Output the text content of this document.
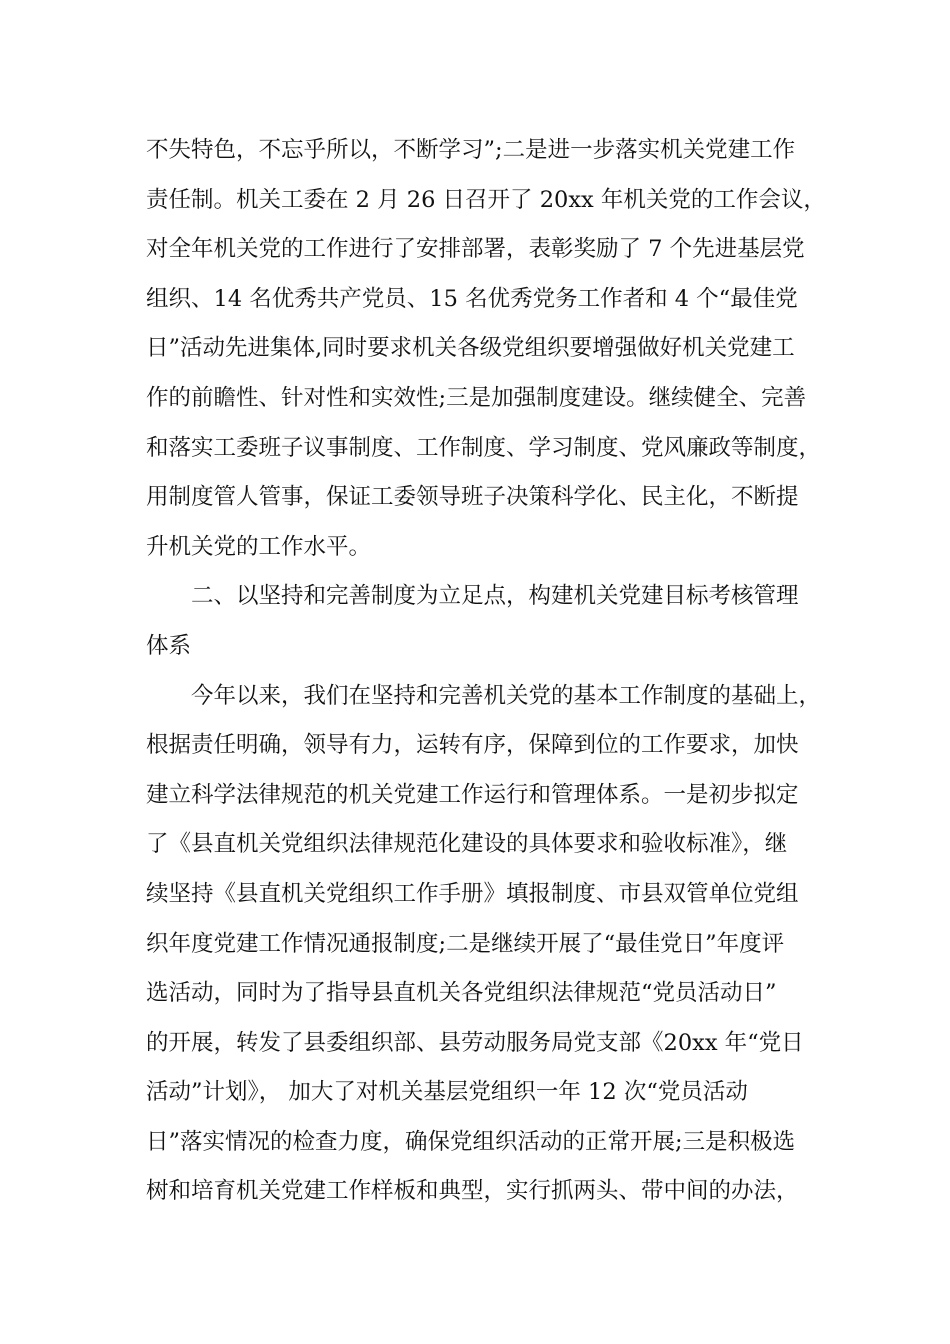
不失特色，不忘乎所以，不断学习”;二是进一步落实机关党建工作
责任制。机关工委在 2 月 26 日召开了 20xx 年机关党的工作会议，
对全年机关党的工作进行了安排部署，表彰奖励了 7 个先进基层党
组织、14 名优秀共产党员、15 名优秀党务工作者和 4 个“最佳党
日”活动先进集体,同时要求机关各级党组织要增强做好机关党建工
作的前瞻性、针对性和实效性;三是加强制度建设。继续健全、完善
和落实工委班子议事制度、工作制度、学习制度、党风廉政等制度，
用制度管人管事，保证工委领导班子决策科学化、民主化，不断提
升机关党的工作水平。
　　二、以坚持和完善制度为立足点，构建机关党建目标考核管理
体系
　　今年以来，我们在坚持和完善机关党的基本工作制度的基础上，
根据责任明确，领导有力，运转有序，保障到位的工作要求，加快
建立科学法律规范的机关党建工作运行和管理体系。一是初步拟定
了《县直机关党组织法律规范化建设的具体要求和验收标准》，继
续坚持《县直机关党组织工作手册》填报制度、市县双管单位党组
织年度党建工作情况通报制度;二是继续开展了“最佳党日”年度评
选活动，同时为了指导县直机关各党组织法律规范“党员活动日”
的开展，转发了县委组织部、县劳动服务局党支部《20xx 年“党日
活动”计划》， 加大了对机关基层党组织一年 12 次“党员活动
日”落实情况的检查力度，确保党组织活动的正常开展;三是积极选
树和培育机关党建工作样板和典型，实行抓两头、带中间的办法，
